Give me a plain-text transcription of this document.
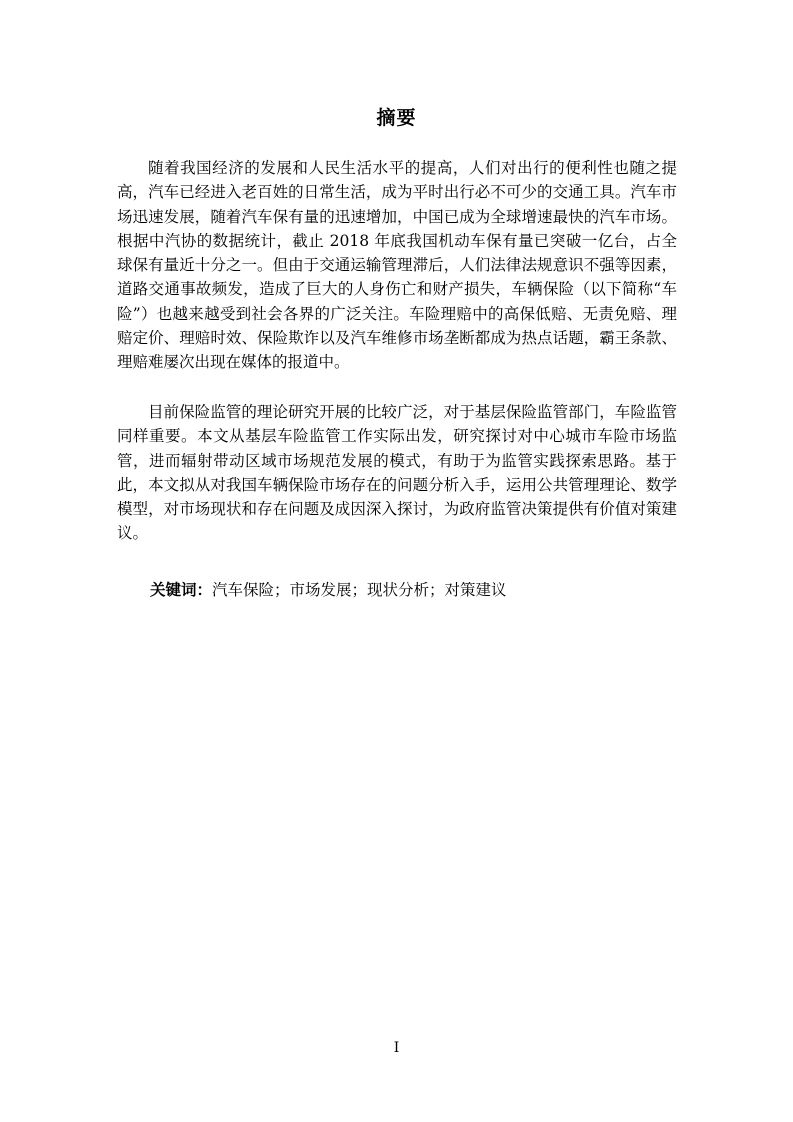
摘要

随着我国经济的发展和人民生活水平的提高，人们对出行的便利性也随之提高，汽车已经进入老百姓的日常生活，成为平时出行必不可少的交通工具。汽车市场迅速发展，随着汽车保有量的迅速增加，中国已成为全球增速最快的汽车市场。根据中汽协的数据统计，截止 2018 年底我国机动车保有量已突破一亿台，占全球保有量近十分之一。但由于交通运输管理滞后，人们法律法规意识不强等因素，道路交通事故频发，造成了巨大的人身伤亡和财产损失，车辆保险（以下简称“车险”）也越来越受到社会各界的广泛关注。车险理赔中的高保低赔、无责免赔、理赔定价、理赔时效、保险欺诈以及汽车维修市场垄断都成为热点话题，霸王条款、理赔难屡次出现在媒体的报道中。

目前保险监管的理论研究开展的比较广泛，对于基层保险监管部门，车险监管同样重要。本文从基层车险监管工作实际出发，研究探讨对中心城市车险市场监管，进而辐射带动区域市场规范发展的模式，有助于为监管实践探索思路。基于此，本文拟从对我国车辆保险市场存在的问题分析入手，运用公共管理理论、数学模型，对市场现状和存在问题及成因深入探讨，为政府监管决策提供有价值对策建议。

关键词：汽车保险；市场发展；现状分析；对策建议

I
